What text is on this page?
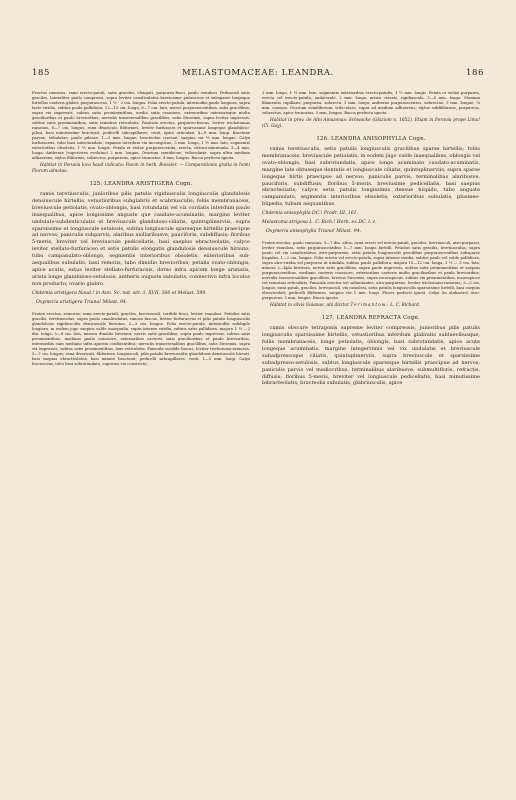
185	MELASTOMACEAE: LEANDRA.	186

Fructus ramosus; rami erecto-patuli, satis graciles, elongati, purpureo-fusci, paulo venulosi. Pedunculi satis graciles, lateraliter paulo compressi, supra leviter canaliculatus breviusime pubescens et subsparse longeque hirtellus caeteris glaber, purpurascens, 1 ½ - 2 cm. longus. Folia erecto-patula, internodiis paulo longiora, supra laete viridia, subtus paulo pallidiora, 12—15 cm. longa, 6—7 cm. lata; nervis purpurascentibus, satis gracilibus, supra vix impressis, subtus satis prominentibus, medio satis crassiore, exterioribus exteriorisque multo gracilioribus et paulo brevioribus; nervulis transversalibus gracilibus, satis Stroemis, supra leviter impressis, subtus satis prominentibus, satis remotius reticulatis. Panicula erectus, purpureo-fuscus, leviter trichotomus ramosus, 6—7 cm. longus; rami divaricati, filiformes, leviter furfuracei et sparsissime longeque glanduloso-pilosi, basi minutissime bracteati; pedicelli subcapillares; venti, apice articulati, 4—8 mm. longi. Bracteae parvae, subulatae, paulo pilosae, 1—3 mm. longae; bracteolae crectae, saepius vix ½ mm. longae. Calyx furfuraceus, tubo basi subrotundato, expansa interdum vix inconspicue, 3 mm. longo, 1 ½ mm. lato, segmentis exterioribus obsoletis, 1 ½ mm. longis. Petala et violae purpurascentia, erecta, obtuso-minutuala, 3—4 mm. longa. Antherae (superiores evolutae) 2 mm. longae. Ovarium semidecur., trilocularie, supra ultra medium adhaerens; stylus filiformis, subrectus, purpureus, apice truncatus, 4 mm. longus. Bacca perfecta ignota.

Habitat in Peruvia loco haud indicato: Pavon in herb. Boissier. — Comparationis gratia in homi Florum adnotas.

125. LEANDRA ARISTIGERA Cogn.

ramis teretiusculis, junioribus pilis patulis rigidiusculis longiusculis glandulosis densiuscule hirtellis, vetustioribus subglabris et scabriusculis; foliis membranaceis, breviuscule petiolatis, ovato-oblongis, basi rotundatis vel vix cordatis interdum paulo inaequalibus, apice longissime anguste que caudato-acuminatis, margine leviter undulato-subdenticulatis et breviuscule glanduloso-ciliatis, quintuplinerviis, supra sparsissime et longiuscule setulosis, subtus longiuscule sparseque hirtellis praecipue ad nervos; paniculis subparvis, alaribus axillaribusve, pauciforis, subdiffusis; floribus 5-meris, breviter vel breviuscule pedicellatis, basi saepius ebracteolatis; calyce leviter stellato-furfuraceo et setis patulis elongatis glandulosis densiuscule hirsuto; tubo campanulato-oblongo, segmentis interioribus obsoletis, exterioribus sub-aequalibus subulatis, basi remotis, tubo dimidio brevioribus; petalis ovato-oblongis, apice acutis, extus leviter stellato-furfuraceis, dorso infra apicem longe aristatis, arista longe glanduloso-setulosis; antheris auguste subulatis, connectivo infra loculos non producto; ovario glabro.

Clidemia aristigera Naud.! in Ann. Sc. nat. sér. 3. XVII. 366 et Melast. 590.

Oxymeria aristigera Triana! Milast. 94.

Frutex erectus, ramosus; rami erecto-patuli, graciles, breviusculi, sordide fusci, leviter ramulosi. Petiolus satis gracilis, teretiusculus, supra paulo canaliculatus, rimoso fuscus, leviter furfuraceus et pilis patulis longiusculis glandulosis rigidiusculis densiuscule hirsutus, 2—3 cm. longus. Folia erecto-patula, internodiis subduplo longiora, in eodem jugo saepius valde inaequalia, supra intense viridia, subtus satis pallidiora, majora 1 ½ —2 dm. longa, 5—8 cm. lata, minora dimidio breviora; nervis satis gracilibus, supra paulo impressis, subtus satis prominentibus, mediano paulo crassiore, exterioribus caeteris satis gracilioribus et paulo brevioribus, intermediis eum mediano infra apicem confluentibus; nervulis transversalibus gracilibus, satis Stroemis, supra vix impressis, subtus satis prominentibus, laxe reticulatis. Panicula sordide fuscus, leviter trichotomo-ramosus, 5—7 cm. longus; rami divaricati, filiformes, longiusculi, pilis patulis breviusculis glandulosis densiuscule hirsuti, basi saepius ebracteolatus, basi minute bracteati; pedicelli subcapillares, venti, 1—5 mm. longi. Calyx fuscescens, tubo basi subrotundato, supremo vix constricto,

3 mm. longo, 1 ½ mm. lato, segmentis exterioribus erecto-patulis, 1 ½ mm. longis. Petala et violae purpurea, erecta vel erecto-patula, unilaterale, 2 mm. longa, arista crassis, rigidiuscula, 3—4 mm. longa. Stamina filamentis capillaris, purpurea, subrecta, 3 mm. longa; antherae purpurascentes, subrectae, 3 mm. longae, ¼ mm. crassae. Ovarium semiliberum, triloculare, supra ad medium adhaerens; stylus subfiliformis, purpureus, subrectus, apice truncatus, 5 mm. longus. Bacca perfecta ignota.

Habitat in prov. de Alto Amazonas: Schwacke (Glaziom n. 1652). Etiam in Peruvia prope Lima! (Cl. Gay).

126. LEANDRA ANISOPHYLLA Cogn.

ramis teretiusculis, setis patulis longiusculis gracilibus sparse hirtellis; foliis membranaceis, breviuscule petiolatis, in eodem jugo valde inaequalibus, oblongis vel ovato-oblongis, basi subrotundatis, apice longe acuminato caudato-acuminatis, margine late obtuseque dentatis et longiuscule ciliatis, quintuplinerviis, supra sparse longeque hirtis praecipue ad nervos; paniculis parvis, terminalibus alaribusve, pauciforis, subdiffusis; floribus 5-meris, breviusime pedicellatis, basi saepius ebracteolatis; calyce setis patulis longissimis densue hispido, tubo anguste campanulato, segmentis interioribus obsoletis, exterioribus subulatis, plusmeo-blipedis, tubum aequantibus.

Clidemia anisophylla DC.! Prodr. III. 161.

Melastoma strigosa L. C. Rich.! Herb. ex DC. l. c.

Oxymeria anisophylla Triana! Milast. 94.

Frutex erectus, paulo ramosus, 5—7 dm. altus; rami erecti vel erecto-patuli, graciles, breviusculi, atro-purpurei, leviter ramulosi, setis purpurascentibus 5—7 mm. longis hirtelli. Petiolus satis gracilis, teretiusculus, supra paulo vel vix canaliculatus, atro-purpureus, setis patulis longiusculis gracilibus purpurascentibus subsparse hispidus, 1—2 cm. longus. Folia erecta vel erecto-patula, supra intense viridia, subtus paulo vel valde pallidiora, supra atro-viridia vel purpurea ut nitidula, subtus paulo pallidiora, majora 10—12 cm. longa, 3 ½ — 5 cm. lata; minora 2—4plo breviora; nervis satis gracilibus, supra paulo impressis, subtus satis prominentibus et saepius purpurascentibus, mediano caeteris crassiore, exterioribus caeteris multo gracilioribus et paulo brevioribus; nervulis transversalibus gracilibus, brevius Stroemis, supra inconspicuis, subtus vix prominentibus, inconspicue vel remotius reticulatis. Panicula erectus vel subnutantes, atro-purpureus, leviter trichotomo-ramosus; 3—5 cm. longus; rami patuli, graciles, breviusculi, vix ramulosi, setis patulis longiusculis sparsissime hirtelli, basi saepius ebracteolati; pedicelli filiformes, saepius vix 1 mm. longi. Flores perfecti ignoti. Calyx (in alabastro) atro-purpureus, 3 mm. longus. Bacca ignota.

Habitat in silvis Guianae, ubi dicitur Terimantow: L. C. Richard.

127. LEANDRA REFRACTA Cogn.

ramis obscure tetragonis supreme leviter compressis, junioribus pilis patulis longiusculis sparsissime hirtellis, vetustioribus interdum glabratis subluevibusque; foliis membranaceis, longe petiolatis, oblongis, basi subrotundatis, apice acute longeque acuminatis, margine integerrimis vel vix undulatis et breviuscule subadpressoque ciliatis, quintuplinerviis, supra breviuscule et sparsissime subadpresso-setulosis, subtus longiuscule sparseque hirtellis praecipue ad nervos; paniculis parvis vel mediocribus, terminalibus alaribusve, submultifloris, refractis, diffusis; floribus 5-meris, breviter vel longiuscule pedicellatis, basi minutissime bibracteolatis; bracteolis subulatis, glabriusculis, apice
